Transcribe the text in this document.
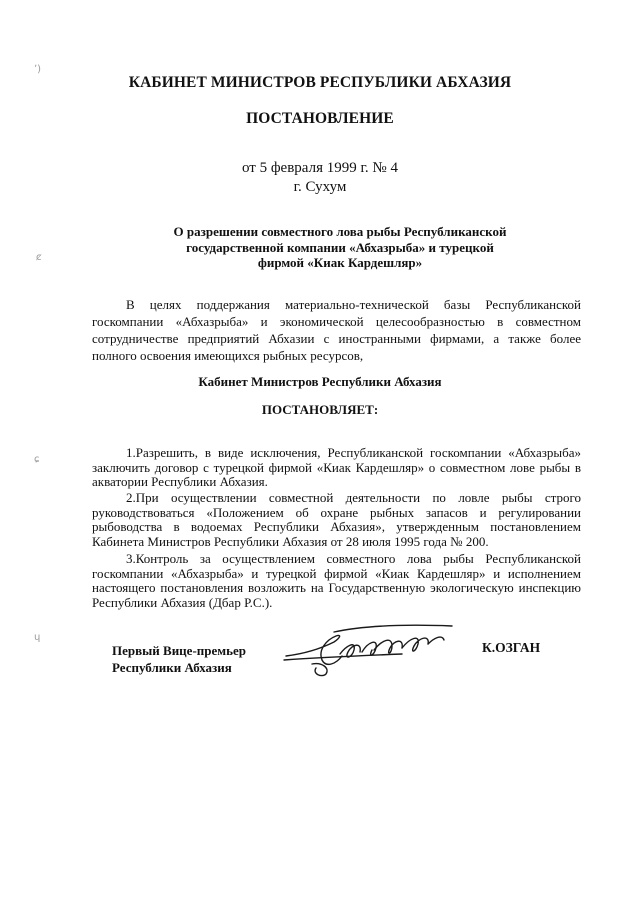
ʼ)
ȼ
ɕ
ɥ
КАБИНЕТ МИНИСТРОВ РЕСПУБЛИКИ АБХАЗИЯ
ПОСТАНОВЛЕНИЕ
от 5 февраля 1999 г. № 4
г. Сухум
О разрешении совместного лова рыбы Республиканской
государственной компании «Абхазрыба» и турецкой
фирмой «Киак Кардешляр»
В целях поддержания материально-технической базы Республиканской госкомпании «Абхазрыба» и экономической целесообразностью в совместном сотрудничестве предприятий Абхазии с иностранными фирмами, а также более полного освоения имеющихся рыбных ресурсов,
Кабинет Министров Республики Абхазия
ПОСТАНОВЛЯЕТ:
1.Разрешить, в виде исключения, Республиканской госкомпании «Абхазрыба» заключить договор с турецкой фирмой «Киак Кардешляр» о совместном лове рыбы в акватории Республики Абхазия.
2.При осуществлении совместной деятельности по ловле рыбы строго руководствоваться «Положением об охране рыбных запасов и регулировании рыбоводства в водоемах Республики Абхазия», утвержденным постановлением Кабинета Министров Республики Абхазия от 28 июля 1995 года № 200.
3.Контроль за осуществлением совместного лова рыбы Республиканской госкомпании «Абхазрыба» и турецкой фирмой «Киак Кардешляр» и исполнением настоящего постановления возложить на Государственную экологическую инспекцию Республики Абхазия (Дбар Р.С.).
Первый Вице-премьер
Республики Абхазия
К.ОЗГАН
